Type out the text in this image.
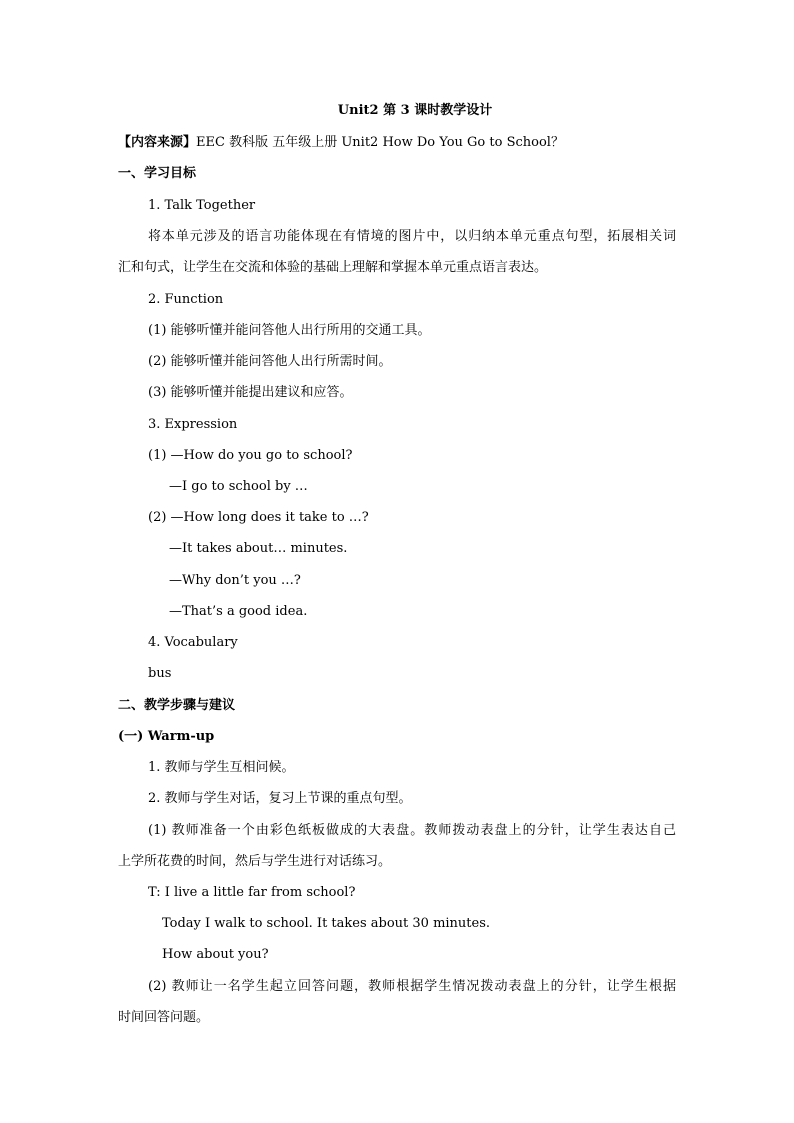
Unit2 第 3 课时教学设计
【内容来源】EEC 教科版 五年级上册 Unit2 How Do You Go to School？
一、学习目标
1. Talk Together
将本单元涉及的语言功能体现在有情境的图片中，以归纳本单元重点句型，拓展相关词
汇和句式，让学生在交流和体验的基础上理解和掌握本单元重点语言表达。
2. Function
(1) 能够听懂并能问答他人出行所用的交通工具。
(2) 能够听懂并能问答他人出行所需时间。
(3) 能够听懂并能提出建议和应答。
3. Expression
(1) —How do you go to school?
—I go to school by …
(2) —How long does it take to …?
—It takes about… minutes.
—Why don’t you …?
—That’s a good idea.
4. Vocabulary
bus
二、教学步骤与建议
(一) Warm-up
1. 教师与学生互相问候。
2. 教师与学生对话，复习上节课的重点句型。
(1) 教师准备一个由彩色纸板做成的大表盘。教师拨动表盘上的分针，让学生表达自己
上学所花费的时间，然后与学生进行对话练习。
T: I live a little far from school?
Today I walk to school. It takes about 30 minutes.
How about you?
(2) 教师让一名学生起立回答问题，教师根据学生情况拨动表盘上的分针，让学生根据
时间回答问题。
